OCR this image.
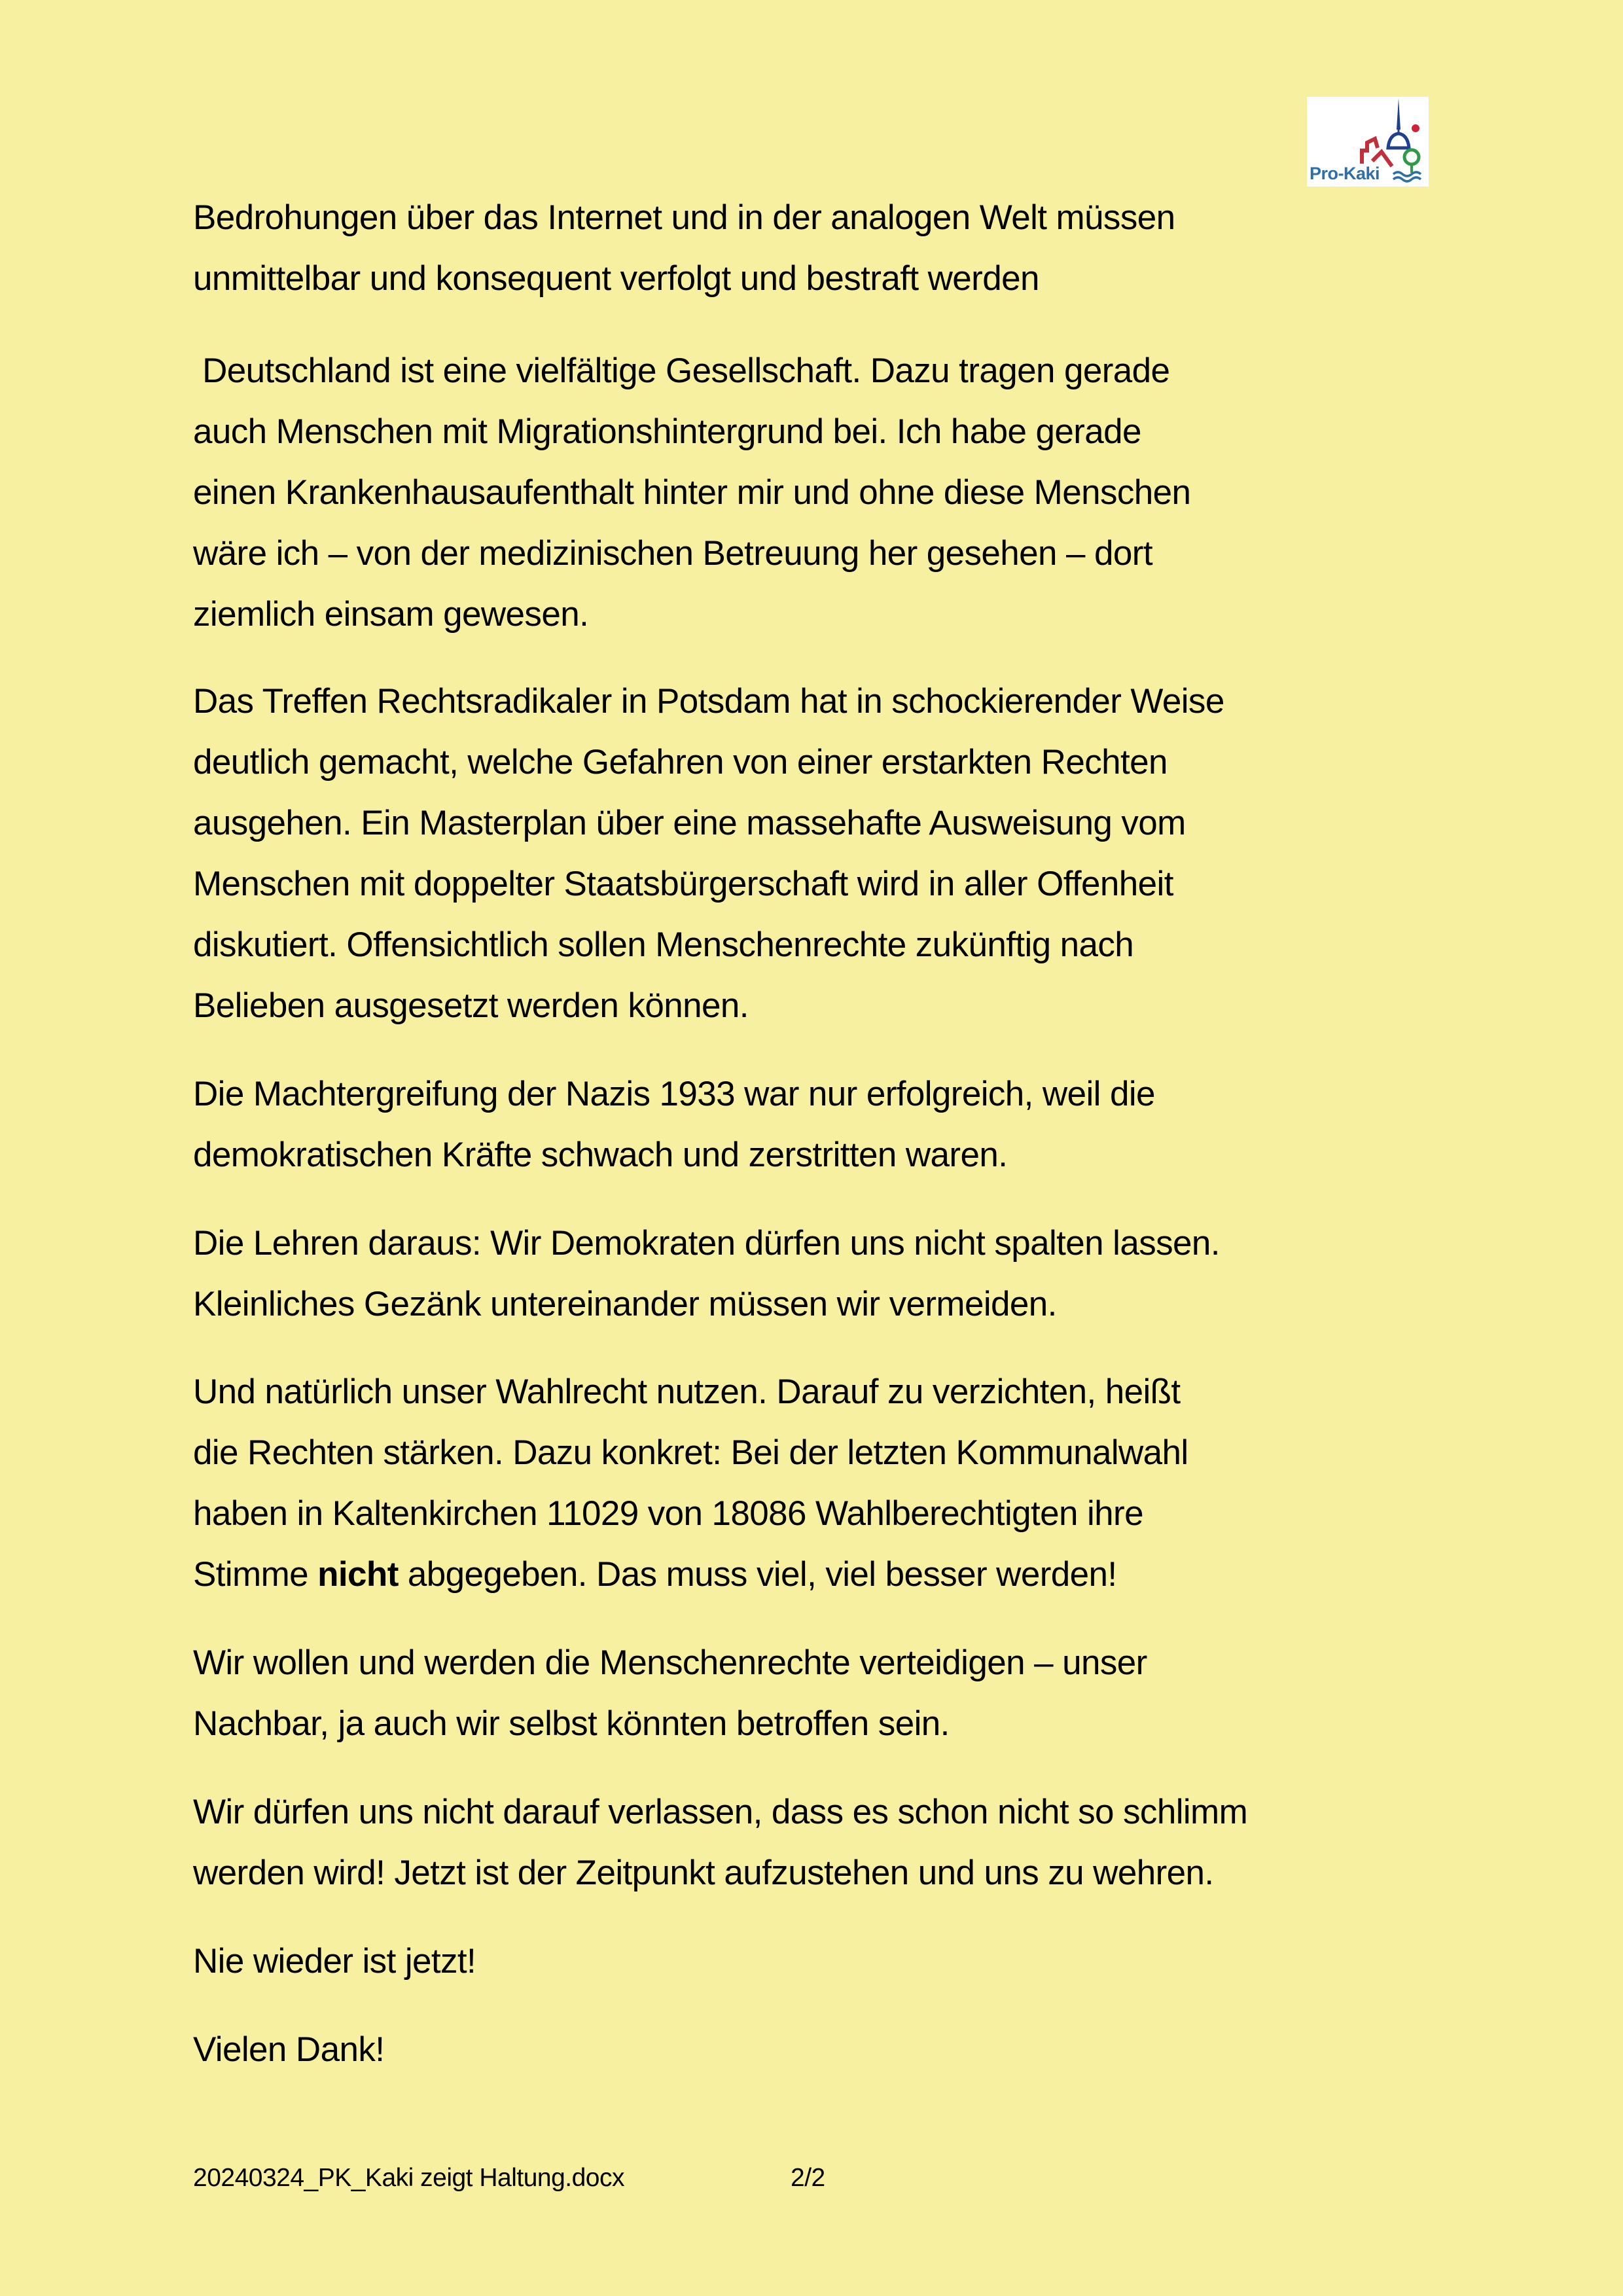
Pro-Kaki
Bedrohungen über das Internet und in der analogen Welt müssen
unmittelbar und konsequent verfolgt und bestraft werden
Deutschland ist eine vielfältige Gesellschaft. Dazu tragen gerade
auch Menschen mit Migrationshintergrund bei. Ich habe gerade
einen Krankenhausaufenthalt hinter mir und ohne diese Menschen
wäre ich – von der medizinischen Betreuung her gesehen – dort
ziemlich einsam gewesen.
Das Treffen Rechtsradikaler in Potsdam hat in schockierender Weise
deutlich gemacht, welche Gefahren von einer erstarkten Rechten
ausgehen. Ein Masterplan über eine massehafte Ausweisung vom
Menschen mit doppelter Staatsbürgerschaft wird in aller Offenheit
diskutiert. Offensichtlich sollen Menschenrechte zukünftig nach
Belieben ausgesetzt werden können.
Die Machtergreifung der Nazis 1933 war nur erfolgreich, weil die
demokratischen Kräfte schwach und zerstritten waren.
Die Lehren daraus: Wir Demokraten dürfen uns nicht spalten lassen.
Kleinliches Gezänk untereinander müssen wir vermeiden.
Und natürlich unser Wahlrecht nutzen. Darauf zu verzichten, heißt
die Rechten stärken. Dazu konkret: Bei der letzten Kommunalwahl
haben in Kaltenkirchen 11029 von 18086 Wahlberechtigten ihre
Stimme nicht abgegeben. Das muss viel, viel besser werden!
Wir wollen und werden die Menschenrechte verteidigen – unser
Nachbar, ja auch wir selbst könnten betroffen sein.
Wir dürfen uns nicht darauf verlassen, dass es schon nicht so schlimm
werden wird! Jetzt ist der Zeitpunkt aufzustehen und uns zu wehren.
Nie wieder ist jetzt!
Vielen Dank!
20240324_PK_Kaki zeigt Haltung.docx	2/2
